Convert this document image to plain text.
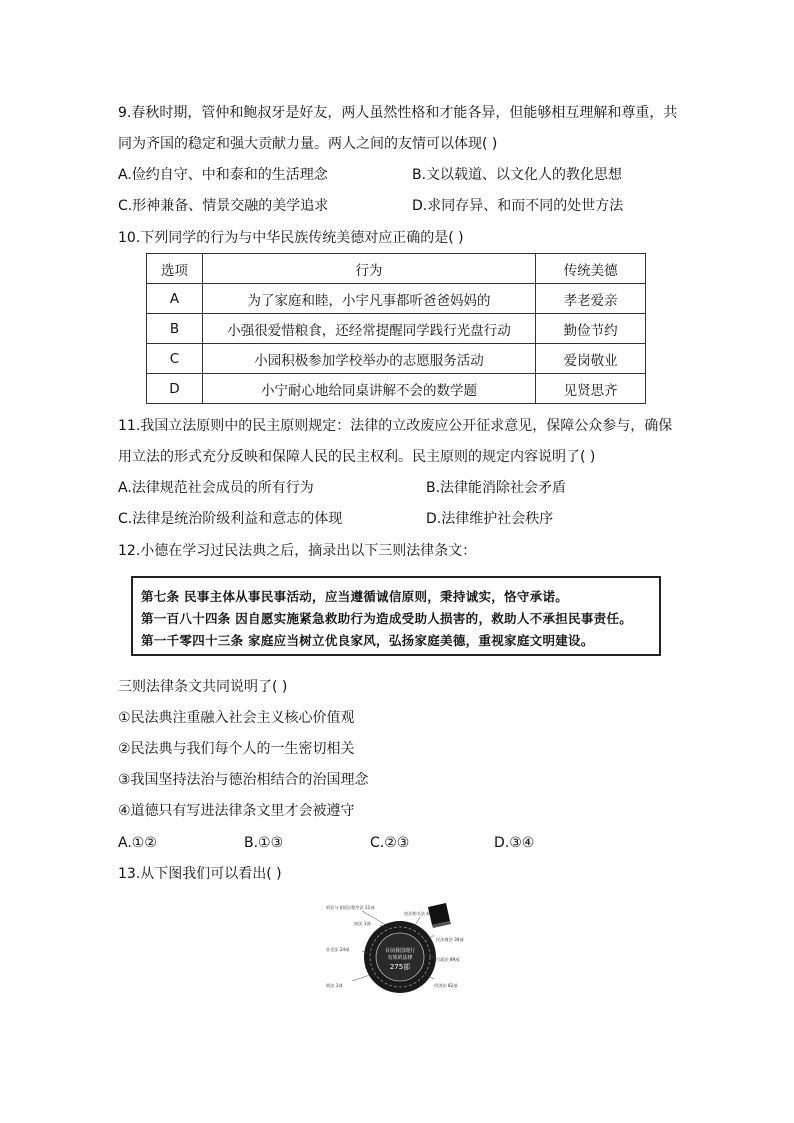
9.春秋时期，管仲和鲍叔牙是好友，两人虽然性格和才能各异，但能够相互理解和尊重，共
同为齐国的稳定和强大贡献力量。两人之间的友情可以体现( )
A.俭约自守、中和泰和的生活理念	B.文以载道、以文化人的教化思想
C.形神兼备、情景交融的美学追求	D.求同存异、和而不同的处世方法
10.下列同学的行为与中华民族传统美德对应正确的是( )
选项	行为	传统美德
A	为了家庭和睦，小宇凡事都听爸爸妈妈的	孝老爱亲
B	小强很爱惜粮食，还经常提醒同学践行光盘行动	勤俭节约
C	小园积极参加学校举办的志愿服务活动	爱岗敬业
D	小宁耐心地给同桌讲解不会的数学题	见贤思齐
11.我国立法原则中的民主原则规定：法律的立改废应公开征求意见，保障公众参与，确保
用立法的形式充分反映和保障人民的民主权利。民主原则的规定内容说明了( )
A.法律规范社会成员的所有行为	B.法律能消除社会矛盾
C.法律是统治阶级利益和意志的体现	D.法律维护社会秩序
12.小德在学习过民法典之后，摘录出以下三则法律条文：
第七条 民事主体从事民事活动，应当遵循诚信原则，秉持诚实，恪守承诺。
第一百八十四条 因自愿实施紧急救助行为造成受助人损害的，救助人不承担民事责任。
第一千零四十三条 家庭应当树立优良家风，弘扬家庭美德，重视家庭文明建设。
三则法律条文共同说明了( )
①民法典注重融入社会主义核心价值观
②民法典与我们每个人的一生密切相关
③我国坚持法治与德治相结合的治国理念
④道德只有写进法律条文里才会被遵守
A.①②	B.①③	C.②③	D.③④
13.从下图我们可以看出( )
目前我国现行
有效的法律
275部
诉讼与非诉讼程序法 11部
宪法 1部
宪法相关法 48部
民法商法 34部
行政法 89部
经济法 82部
社会法 24部
刑法 1部
